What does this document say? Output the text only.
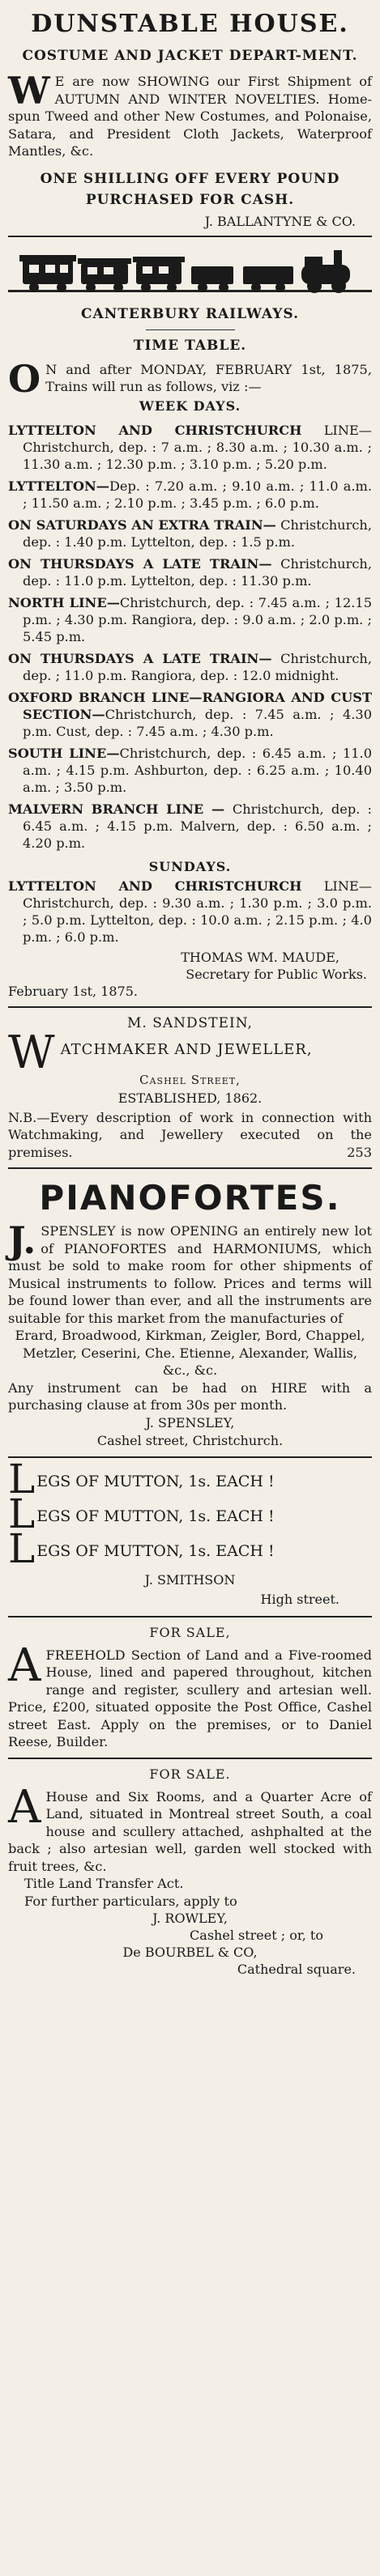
DUNSTABLE HOUSE.
COSTUME AND JACKET DEPART-MENT.
W E are now SHOWING our First Shipment of AUTUMN AND WINTER NOVELTIES. Home-spun Tweed and other New Costumes, and Polonaise, Satara, and President Cloth Jackets, Waterproof Mantles, &c.
ONE SHILLING OFF EVERY POUND PURCHASED FOR CASH.
J. BALLANTYNE & CO.
CANTERBURY RAILWAYS.
TIME TABLE.
O N and after MONDAY, FEBRUARY 1st, 1875, Trains will run as follows, viz :—
WEEK DAYS.
LYTTELTON AND CHRISTCHURCH LINE—Christchurch, dep. : 7 a.m. ; 8.30 a.m. ; 10.30 a.m. ; 11.30 a.m. ; 12.30 p.m. ; 3.10 p.m. ; 5.20 p.m.
LYTTELTON—Dep. : 7.20 a.m. ; 9.10 a.m. ; 11.0 a.m. ; 11.50 a.m. ; 2.10 p.m. ; 3.45 p.m. ; 6.0 p.m.
ON SATURDAYS AN EXTRA TRAIN— Christchurch, dep. : 1.40 p.m. Lyttelton, dep. : 1.5 p.m.
ON THURSDAYS A LATE TRAIN— Christchurch, dep. : 11.0 p.m. Lyttelton, dep. : 11.30 p.m.
NORTH LINE—Christchurch, dep. : 7.45 a.m. ; 12.15 p.m. ; 4.30 p.m. Rangiora, dep. : 9.0 a.m. ; 2.0 p.m. ; 5.45 p.m.
ON THURSDAYS A LATE TRAIN— Christchurch, dep. ; 11.0 p.m. Rangiora, dep. : 12.0 midnight.
OXFORD BRANCH LINE—RANGIORA AND CUST SECTION—Christchurch, dep. : 7.45 a.m. ; 4.30 p.m. Cust, dep. : 7.45 a.m. ; 4.30 p.m.
SOUTH LINE—Christchurch, dep. : 6.45 a.m. ; 11.0 a.m. ; 4.15 p.m. Ashburton, dep. : 6.25 a.m. ; 10.40 a.m. ; 3.50 p.m.
MALVERN BRANCH LINE — Christchurch, dep. : 6.45 a.m. ; 4.15 p.m. Malvern, dep. : 6.50 a.m. ; 4.20 p.m.
SUNDAYS.
LYTTELTON AND CHRISTCHURCH LINE—Christchurch, dep. : 9.30 a.m. ; 1.30 p.m. ; 3.0 p.m. ; 5.0 p.m. Lyttelton, dep. : 10.0 a.m. ; 2.15 p.m. ; 4.0 p.m. ; 6.0 p.m.
THOMAS WM. MAUDE,
Secretary for Public Works.
February 1st, 1875.
M. SANDSTEIN,
WATCHMAKER AND JEWELLER,
Cashel Street,
ESTABLISHED, 1862.
N.B.—Every description of work in connection with Watchmaking, and Jewellery executed on the premises.	253
PIANOFORTES.
J. SPENSLEY is now OPENING an entirely new lot of PIANOFORTES and HARMONIUMS, which must be sold to make room for other shipments of Musical instruments to follow. Prices and terms will be found lower than ever, and all the instruments are suitable for this market from the manufacturies of
Erard, Broadwood, Kirkman, Zeigler, Bord, Chappel, Metzler, Ceserini, Che. Etienne, Alexander, Wallis, &c., &c.
Any instrument can be had on HIRE with a purchasing clause at from 30s per month.
J. SPENSLEY,
Cashel street, Christchurch.
LEGS OF MUTTON, 1s. EACH !
LEGS OF MUTTON, 1s. EACH !
LEGS OF MUTTON, 1s. EACH !
J. SMITHSON
High street.
FOR SALE,
AFREEHOLD Section of Land and a Five-roomed House, lined and papered throughout, kitchen range and register, scullery and artesian well. Price, £200, situated opposite the Post Office, Cashel street East. Apply on the premises, or to Daniel Reese, Builder.
FOR SALE.
A House and Six Rooms, and a Quarter Acre of Land, situated in Montreal street South, a coal house and scullery attached, ashphalted at the back ; also artesian well, garden well stocked with fruit trees, &c.
Title Land Transfer Act.
For further particulars, apply to
J. ROWLEY,
Cashel street ; or, to
De BOURBEL & CO,
Cathedral square.
